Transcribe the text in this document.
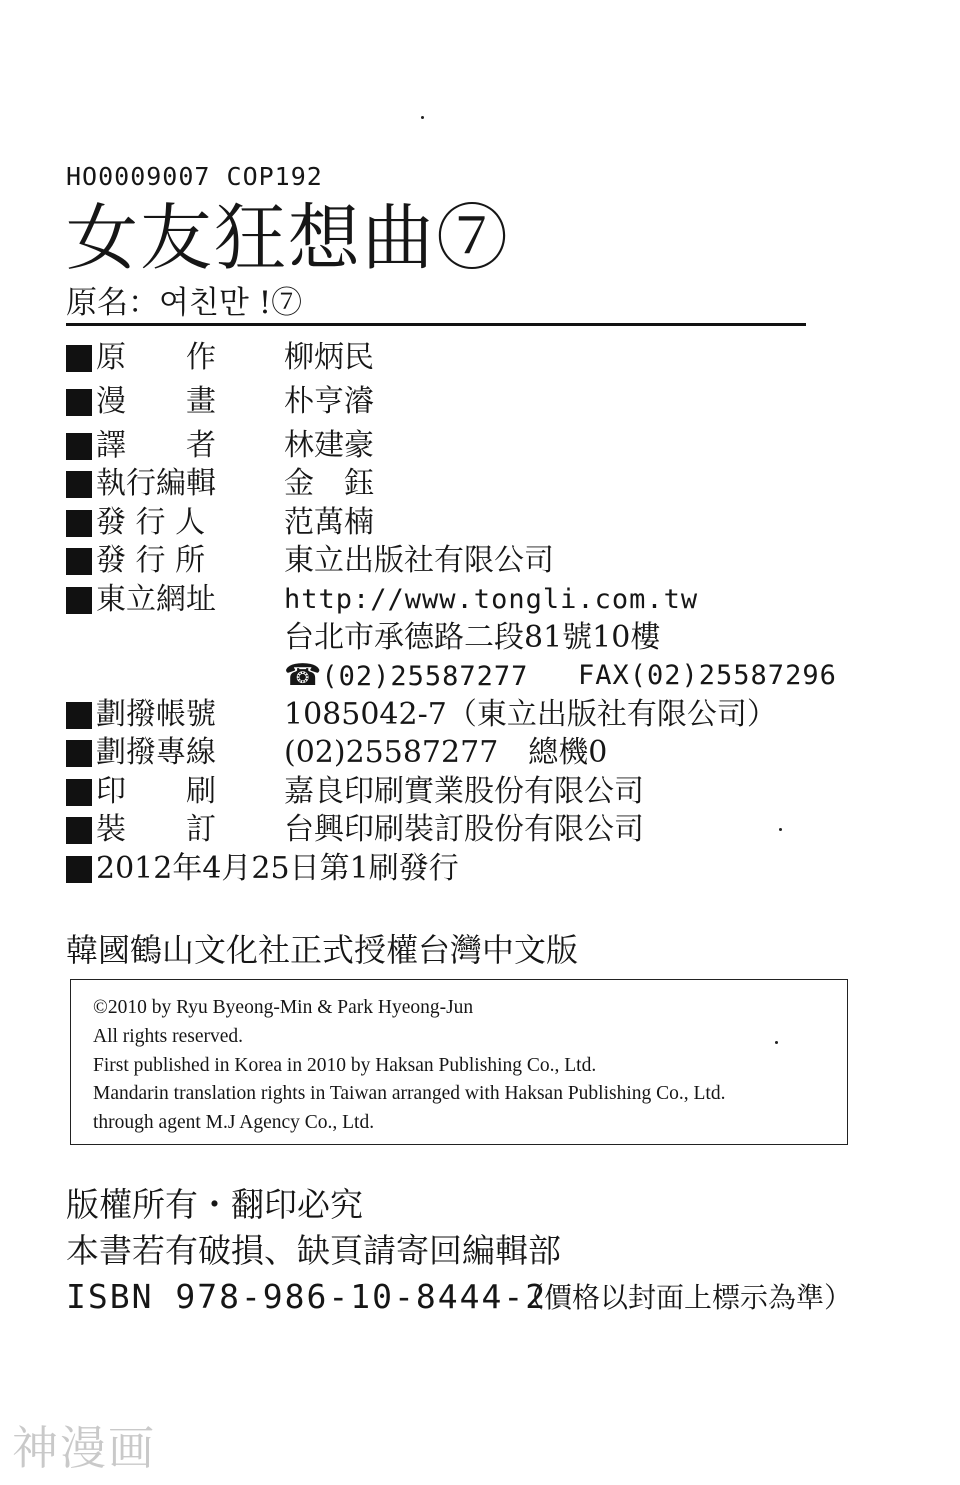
HO0009007 COP192
女友狂想曲⑦
原名：여친만 !⑦
原　　作 柳炳民
漫　　畫 朴亨濬
譯　　者 林建豪
執行編輯 金　鈺
發 行 人	范萬楠
發 行 所	東立出版社有限公司
東立網址	http://www.tongli.com.tw
台北市承德路二段81號10樓
☎(02)25587277 FAX(02)25587296
劃撥帳號 1085042-7（東立出版社有限公司）
劃撥專線 (02)25587277　總機0
印　　刷 嘉良印刷實業股份有限公司
裝　　訂 台興印刷裝訂股份有限公司
2012年4月25日第1刷發行
韓國鶴山文化社正式授權台灣中文版
©2010 by Ryu Byeong-Min & Park Hyeong-Jun
All rights reserved.
First published in Korea in 2010 by Haksan Publishing Co., Ltd.
Mandarin translation rights in Taiwan arranged with Haksan Publishing Co., Ltd.
through agent M.J Agency Co., Ltd.
版權所有・翻印必究
本書若有破損、缺頁請寄回編輯部
ISBN 978-986-10-8444-2
（價格以封面上標示為準）
神漫画
